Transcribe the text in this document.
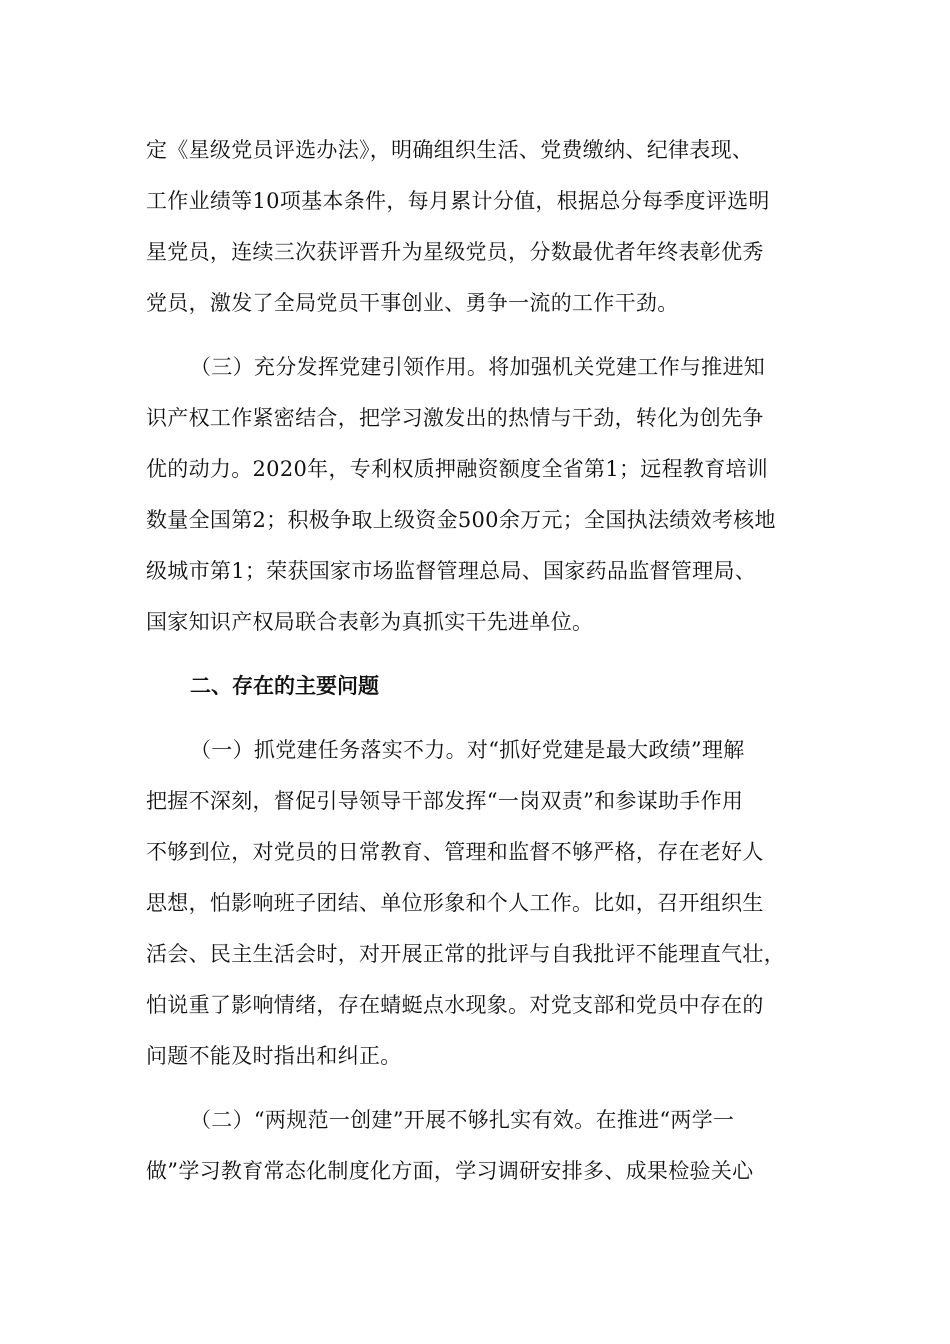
定《星级党员评选办法》，明确组织生活、党费缴纳、纪律表现、
工作业绩等10项基本条件，每月累计分值，根据总分每季度评选明
星党员，连续三次获评晋升为星级党员，分数最优者年终表彰优秀
党员，激发了全局党员干事创业、勇争一流的工作干劲。
（三）充分发挥党建引领作用。将加强机关党建工作与推进知
识产权工作紧密结合，把学习激发出的热情与干劲，转化为创先争
优的动力。2020年，专利权质押融资额度全省第1；远程教育培训
数量全国第2；积极争取上级资金500余万元；全国执法绩效考核地
级城市第1；荣获国家市场监督管理总局、国家药品监督管理局、
国家知识产权局联合表彰为真抓实干先进单位。
二、存在的主要问题
（一）抓党建任务落实不力。对“抓好党建是最大政绩”理解
把握不深刻，督促引导领导干部发挥“一岗双责”和参谋助手作用
不够到位，对党员的日常教育、管理和监督不够严格，存在老好人
思想，怕影响班子团结、单位形象和个人工作。比如，召开组织生
活会、民主生活会时，对开展正常的批评与自我批评不能理直气壮，
怕说重了影响情绪，存在蜻蜓点水现象。对党支部和党员中存在的
问题不能及时指出和纠正。
（二）“两规范一创建”开展不够扎实有效。在推进“两学一
做”学习教育常态化制度化方面，学习调研安排多、成果检验关心
